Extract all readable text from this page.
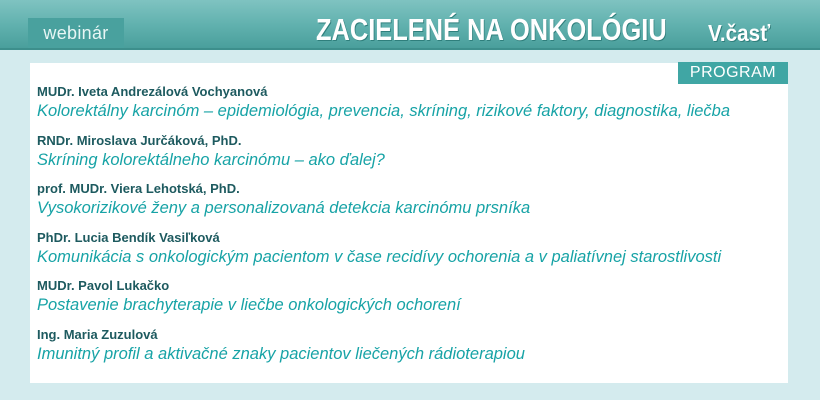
webinár	ZACIELENÉ NA ONKOLÓGIU V.časť
PROGRAM
MUDr. Iveta Andrezálová Vochyanová
Kolorektálny karcinóm – epidemiológia, prevencia, skríning, rizikové faktory, diagnostika, liečba
RNDr. Miroslava Jurčáková, PhD.
Skríning kolorektálneho karcinómu – ako ďalej?
prof. MUDr. Viera Lehotská, PhD.
Vysokorizikové ženy a personalizovaná detekcia karcinómu prsníka
PhDr. Lucia Bendík Vasiľková
Komunikácia s onkologickým pacientom v čase recidívy ochorenia a v paliatívnej starostlivosti
MUDr. Pavol Lukačko
Postavenie brachyterapie v liečbe onkologických ochorení
Ing. Maria Zuzulová
Imunitný profil a aktivačné znaky pacientov liečených rádioterapiou
